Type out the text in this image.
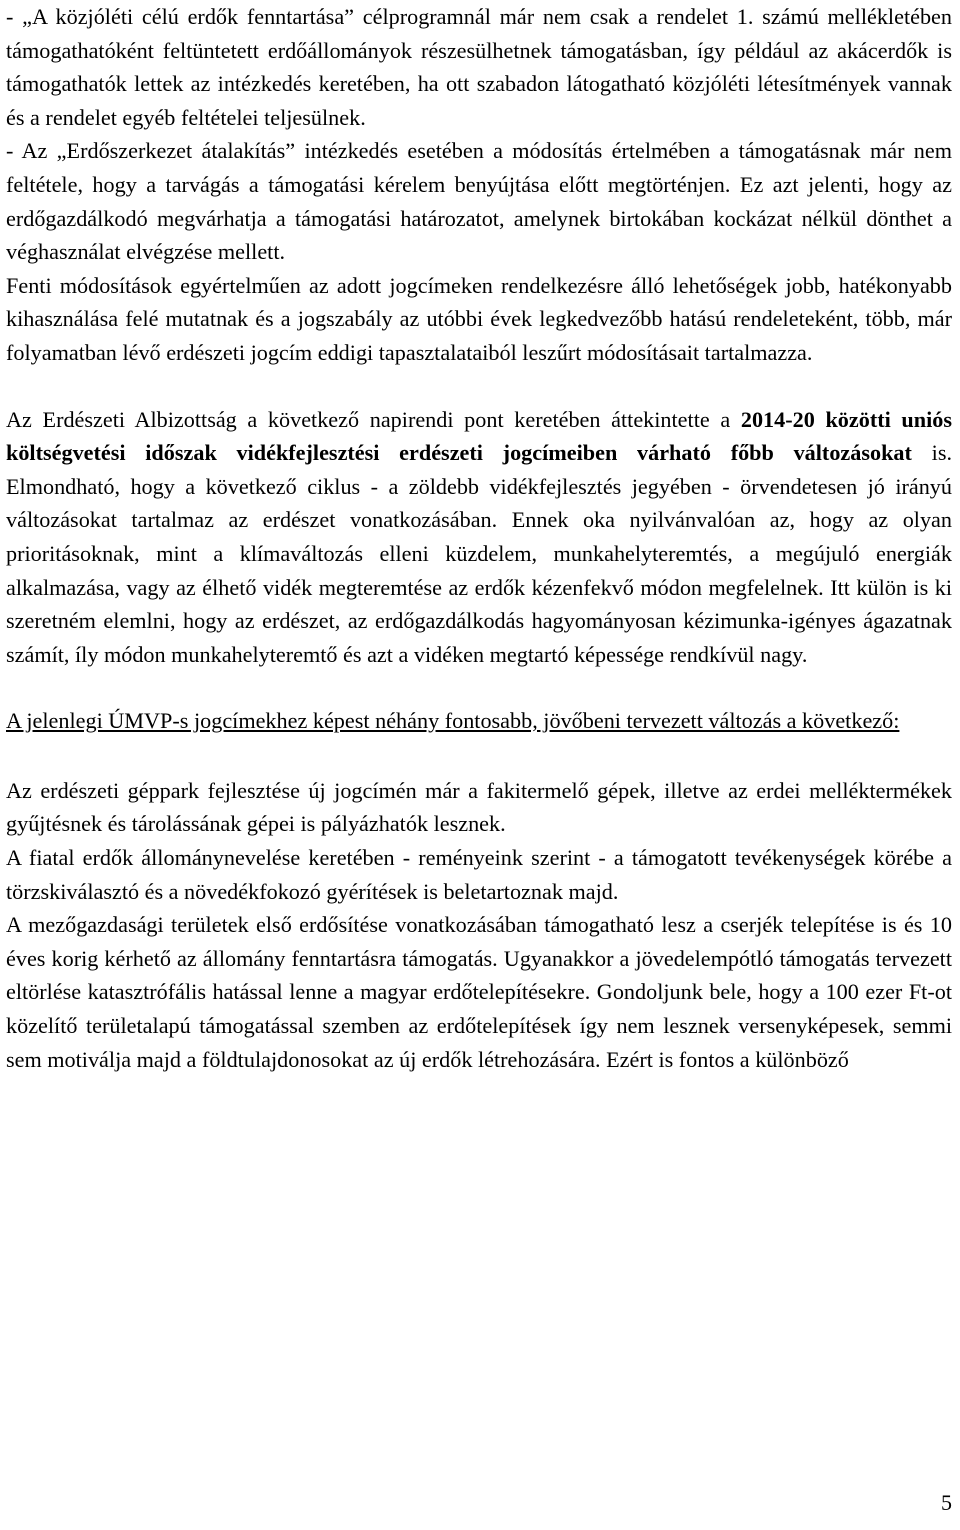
- „A közjóléti célú erdők fenntartása” célprogramnál már nem csak a rendelet 1. számú mellékletében támogathatóként feltüntetett erdőállományok részesülhetnek támogatásban, így például az akácerdők is támogathatók lettek az intézkedés keretében, ha ott szabadon látogatható közjóléti létesítmények vannak és a rendelet egyéb feltételei teljesülnek.

- Az „Erdőszerkezet átalakítás” intézkedés esetében a módosítás értelmében a támogatásnak már nem feltétele, hogy a tarvágás a támogatási kérelem benyújtása előtt megtörténjen. Ez azt jelenti, hogy az erdőgazdálkodó megvárhatja a támogatási határozatot, amelynek birtokában kockázat nélkül dönthet a véghasználat elvégzése mellett.

Fenti módosítások egyértelműen az adott jogcímeken rendelkezésre álló lehetőségek jobb, hatékonyabb kihasználása felé mutatnak és a jogszabály az utóbbi évek legkedvezőbb hatású rendeleteként, több, már folyamatban lévő erdészeti jogcím eddigi tapasztalataiból leszűrt módosításait tartalmazza.

Az Erdészeti Albizottság a következő napirendi pont keretében áttekintette a 2014-20 közötti uniós költségvetési időszak vidékfejlesztési erdészeti jogcímeiben várható főbb változásokat is. Elmondható, hogy a következő ciklus - a zöldebb vidékfejlesztés jegyében - örvendetesen jó irányú változásokat tartalmaz az erdészet vonatkozásában. Ennek oka nyilvánvalóan az, hogy az olyan prioritásoknak, mint a klímaváltozás elleni küzdelem, munkahelyteremtés, a megújuló energiák alkalmazása, vagy az élhető vidék megteremtése az erdők kézenfekvő módon megfelelnek. Itt külön is ki szeretném elemlni, hogy az erdészet, az erdőgazdálkodás hagyományosan kézimunka-igényes ágazatnak számít, íly módon munkahelyteremtő és azt a vidéken megtartó képessége rendkívül nagy.

A jelenlegi ÚMVP-s jogcímekhez képest néhány fontosabb, jövőbeni tervezett változás a következő:

Az erdészeti géppark fejlesztése új jogcímén már a fakitermelő gépek, illetve az erdei melléktermékek gyűjtésnek és tárolássának gépei is pályázhatók lesznek.

A fiatal erdők állománynevelése keretében - reményeink szerint - a támogatott tevékenységek körébe a törzskiválasztó és a növedékfokozó gyérítések is beletartoznak majd.

A mezőgazdasági területek első erdősítése vonatkozásában támogatható lesz a cserjék telepítése is és 10 éves korig kérhető az állomány fenntartásra támogatás. Ugyanakkor a jövedelempótló támogatás tervezett eltörlése katasztrófális hatással lenne a magyar erdőtelepítésekre. Gondoljunk bele, hogy a 100 ezer Ft-ot közelítő területalapú támogatással szemben az erdőtelepítések így nem lesznek versenyképesek, semmi sem motiválja majd a földtulajdonosokat az új erdők létrehozására. Ezért is fontos a különböző

5
